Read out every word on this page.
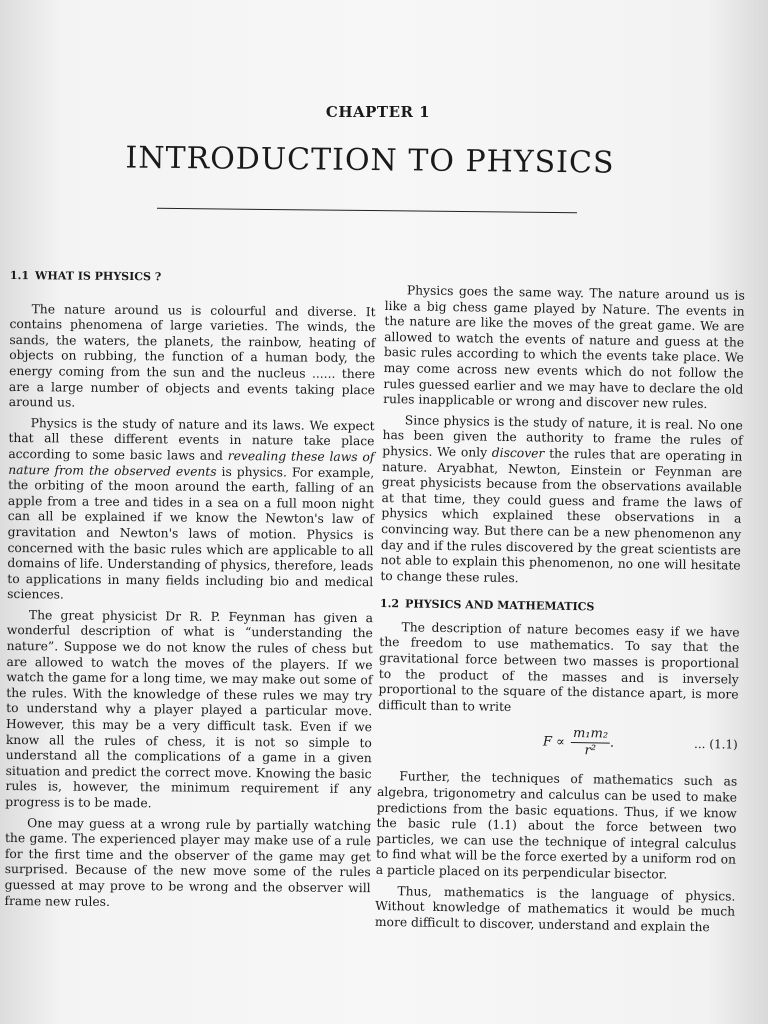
CHAPTER 1
INTRODUCTION TO PHYSICS
1.1 WHAT IS PHYSICS ?

The nature around us is colourful and diverse. It contains phenomena of large varieties. The winds, the sands, the waters, the planets, the rainbow, heating of objects on rubbing, the function of a human body, the energy coming from the sun and the nucleus ...... there are a large number of objects and events taking place around us.

Physics is the study of nature and its laws. We expect that all these different events in nature take place according to some basic laws and revealing these laws of nature from the observed events is physics. For example, the orbiting of the moon around the earth, falling of an apple from a tree and tides in a sea on a full moon night can all be explained if we know the Newton's law of gravitation and Newton's laws of motion. Physics is concerned with the basic rules which are applicable to all domains of life. Understanding of physics, therefore, leads to applications in many fields including bio and medical sciences.

The great physicist Dr R. P. Feynman has given a wonderful description of what is “understanding the nature”. Suppose we do not know the rules of chess but are allowed to watch the moves of the players. If we watch the game for a long time, we may make out some of the rules. With the knowledge of these rules we may try to understand why a player played a particular move. However, this may be a very difficult task. Even if we know all the rules of chess, it is not so simple to understand all the complications of a game in a given situation and predict the correct move. Knowing the basic rules is, however, the minimum requirement if any progress is to be made.

One may guess at a wrong rule by partially watching the game. The experienced player may make use of a rule for the first time and the observer of the game may get surprised. Because of the new move some of the rules guessed at may prove to be wrong and the observer will frame new rules.

Physics goes the same way. The nature around us is like a big chess game played by Nature. The events in the nature are like the moves of the great game. We are allowed to watch the events of nature and guess at the basic rules according to which the events take place. We may come across new events which do not follow the rules guessed earlier and we may have to declare the old rules inapplicable or wrong and discover new rules.

Since physics is the study of nature, it is real. No one has been given the authority to frame the rules of physics. We only discover the rules that are operating in nature. Aryabhat, Newton, Einstein or Feynman are great physicists because from the observations available at that time, they could guess and frame the laws of physics which explained these observations in a convincing way. But there can be a new phenomenon any day and if the rules discovered by the great scientists are not able to explain this phenomenon, no one will hesitate to change these rules.

1.2 PHYSICS AND MATHEMATICS

The description of nature becomes easy if we have the freedom to use mathematics. To say that the gravitational force between two masses is proportional to the product of the masses and is inversely proportional to the square of the distance apart, is more difficult than to write

$F \propto \frac{\text{m₁m₂}}{\text{r²}}$ .	... (1.1)

Further, the techniques of mathematics such as algebra, trigonometry and calculus can be used to make predictions from the basic equations. Thus, if we know the basic rule (1.1) about the force between two particles, we can use the technique of integral calculus to find what will be the force exerted by a uniform rod on a particle placed on its perpendicular bisector.

Thus, mathematics is the language of physics. Without knowledge of mathematics it would be much more difficult to discover, understand and explain the
